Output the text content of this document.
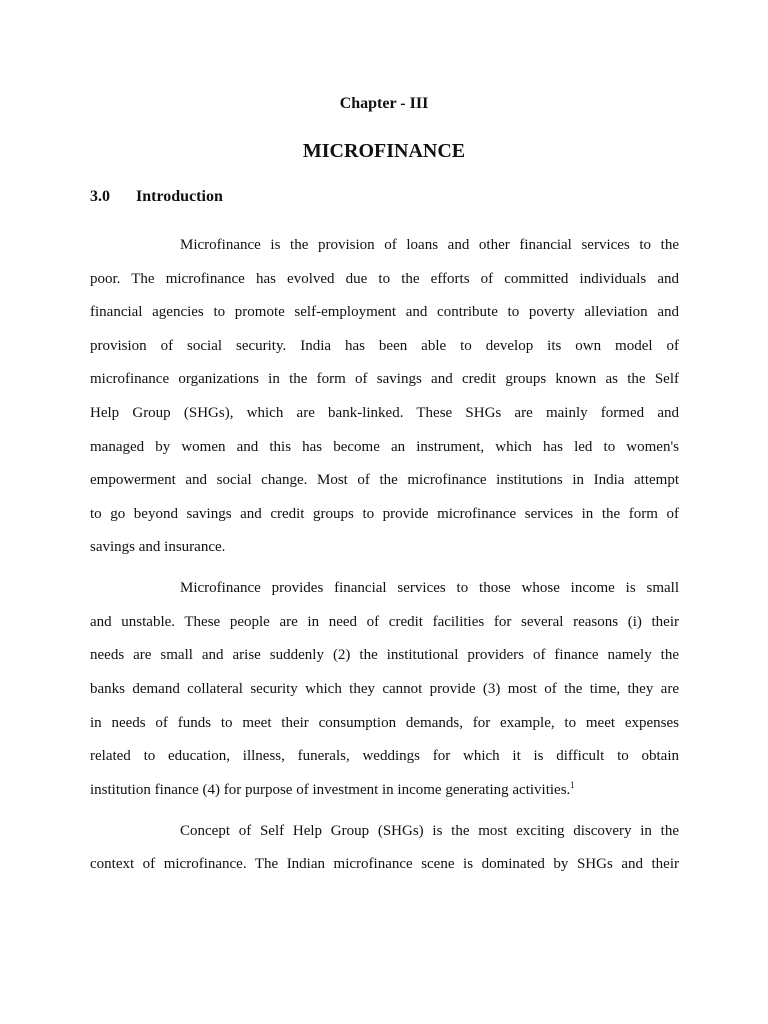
Chapter - III
MICROFINANCE
3.0 Introduction

Microfinance is the provision of loans and other financial services to the
poor. The microfinance has evolved due to the efforts of committed individuals and
financial agencies to promote self-employment and contribute to poverty alleviation and
provision of social security. India has been able to develop its own model of
microfinance organizations in the form of savings and credit groups known as the Self
Help Group (SHGs), which are bank-linked. These SHGs are mainly formed and
managed by women and this has become an instrument, which has led to women's
empowerment and social change. Most of the microfinance institutions in India attempt
to go beyond savings and credit groups to provide microfinance services in the form of
savings and insurance.

Microfinance provides financial services to those whose income is small
and unstable. These people are in need of credit facilities for several reasons (i) their
needs are small and arise suddenly (2) the institutional providers of finance namely the
banks demand collateral security which they cannot provide (3) most of the time, they are
in needs of funds to meet their consumption demands, for example, to meet expenses
related to education, illness, funerals, weddings for which it is difficult to obtain
institution finance (4) for purpose of investment in income generating activities.$^1$

Concept of Self Help Group (SHGs) is the most exciting discovery in the
context of microfinance. The Indian microfinance scene is dominated by SHGs and their
